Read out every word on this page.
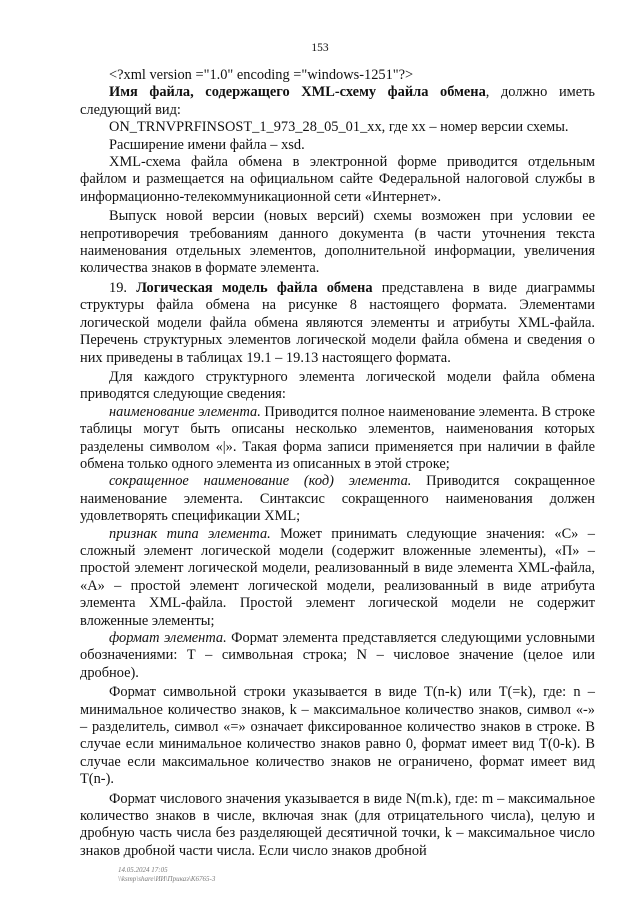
153

<?xml version ="1.0" encoding ="windows-1251"?>

Имя файла, содержащего XML-схему файла обмена, должно иметь следующий вид:

ON_TRNVPRFINSOST_1_973_28_05_01_xx, где xx – номер версии схемы.

Расширение имени файла – xsd.

XML-схема файла обмена в электронной форме приводится отдельным файлом и размещается на официальном сайте Федеральной налоговой службы в информационно-телекоммуникационной сети «Интернет».

Выпуск новой версии (новых версий) схемы возможен при условии ее непротиворечия требованиям данного документа (в части уточнения текста наименования отдельных элементов, дополнительной информации, увеличения количества знаков в формате элемента.

19. Логическая модель файла обмена представлена в виде диаграммы структуры файла обмена на рисунке 8 настоящего формата. Элементами логической модели файла обмена являются элементы и атрибуты XML-файла. Перечень структурных элементов логической модели файла обмена и сведения о них приведены в таблицах 19.1 – 19.13 настоящего формата.

Для каждого структурного элемента логической модели файла обмена приводятся следующие сведения:

наименование элемента. Приводится полное наименование элемента. В строке таблицы могут быть описаны несколько элементов, наименования которых разделены символом «|». Такая форма записи применяется при наличии в файле обмена только одного элемента из описанных в этой строке;

сокращенное наименование (код) элемента. Приводится сокращенное наименование элемента. Синтаксис сокращенного наименования должен удовлетворять спецификации XML;

признак типа элемента. Может принимать следующие значения: «С» – сложный элемент логической модели (содержит вложенные элементы), «П» – простой элемент логической модели, реализованный в виде элемента XML-файла, «А» – простой элемент логической модели, реализованный в виде атрибута элемента XML-файла. Простой элемент логической модели не содержит вложенные элементы;

формат элемента. Формат элемента представляется следующими условными обозначениями: Т – символьная строка; N – числовое значение (целое или дробное).

Формат символьной строки указывается в виде Т(n-k) или Т(=k), где: n – минимальное количество знаков, k – максимальное количество знаков, символ «-» – разделитель, символ «=» означает фиксированное количество знаков в строке. В случае если минимальное количество знаков равно 0, формат имеет вид Т(0-k). В случае если максимальное количество знаков не ограничено, формат имеет вид Т(n-).

Формат числового значения указывается в виде N(m.k), где: m – максимальное количество знаков в числе, включая знак (для отрицательного числа), целую и дробную часть числа без разделяющей десятичной точки, k – максимальное число знаков дробной части числа. Если число знаков дробной

14.05.2024 17:05
\\ksmp\share\ИИ\Приказ\K6765-3
